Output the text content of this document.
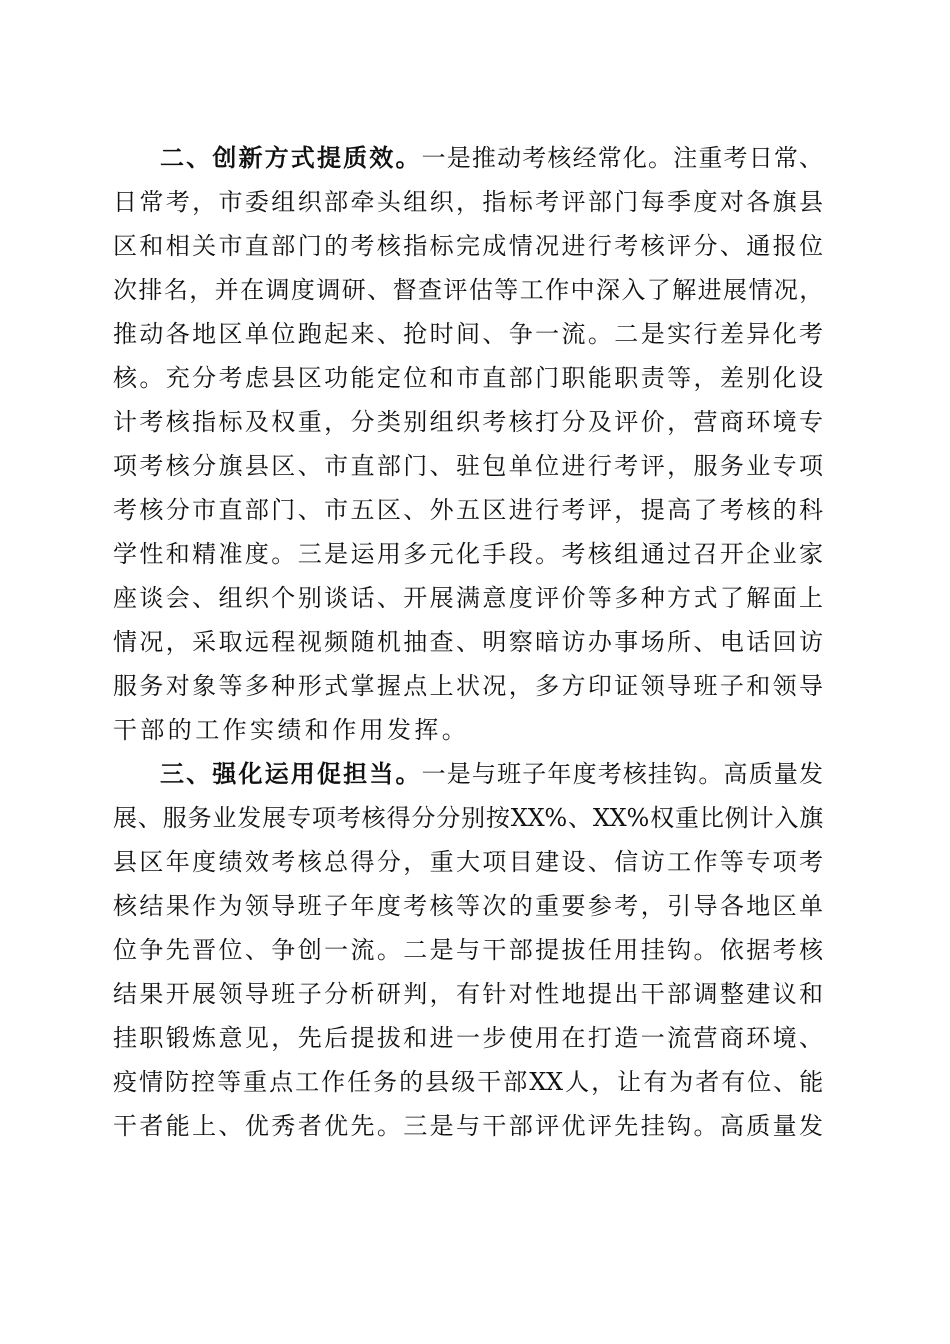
二、创新方式提质效。一是推动考核经常化。注重考日常、
日常考，市委组织部牵头组织，指标考评部门每季度对各旗县
区和相关市直部门的考核指标完成情况进行考核评分、通报位
次排名，并在调度调研、督查评估等工作中深入了解进展情况，
推动各地区单位跑起来、抢时间、争一流。二是实行差异化考
核。充分考虑县区功能定位和市直部门职能职责等，差别化设
计考核指标及权重，分类别组织考核打分及评价，营商环境专
项考核分旗县区、市直部门、驻包单位进行考评，服务业专项
考核分市直部门、市五区、外五区进行考评，提高了考核的科
学性和精准度。三是运用多元化手段。考核组通过召开企业家
座谈会、组织个别谈话、开展满意度评价等多种方式了解面上
情况，采取远程视频随机抽查、明察暗访办事场所、电话回访
服务对象等多种形式掌握点上状况，多方印证领导班子和领导
干部的工作实绩和作用发挥。
三、强化运用促担当。一是与班子年度考核挂钩。高质量发
展、服务业发展专项考核得分分别按XX%、XX%权重比例计入旗
县区年度绩效考核总得分，重大项目建设、信访工作等专项考
核结果作为领导班子年度考核等次的重要参考，引导各地区单
位争先晋位、争创一流。二是与干部提拔任用挂钩。依据考核
结果开展领导班子分析研判，有针对性地提出干部调整建议和
挂职锻炼意见，先后提拔和进一步使用在打造一流营商环境、
疫情防控等重点工作任务的县级干部XX人，让有为者有位、能
干者能上、优秀者优先。三是与干部评优评先挂钩。高质量发
